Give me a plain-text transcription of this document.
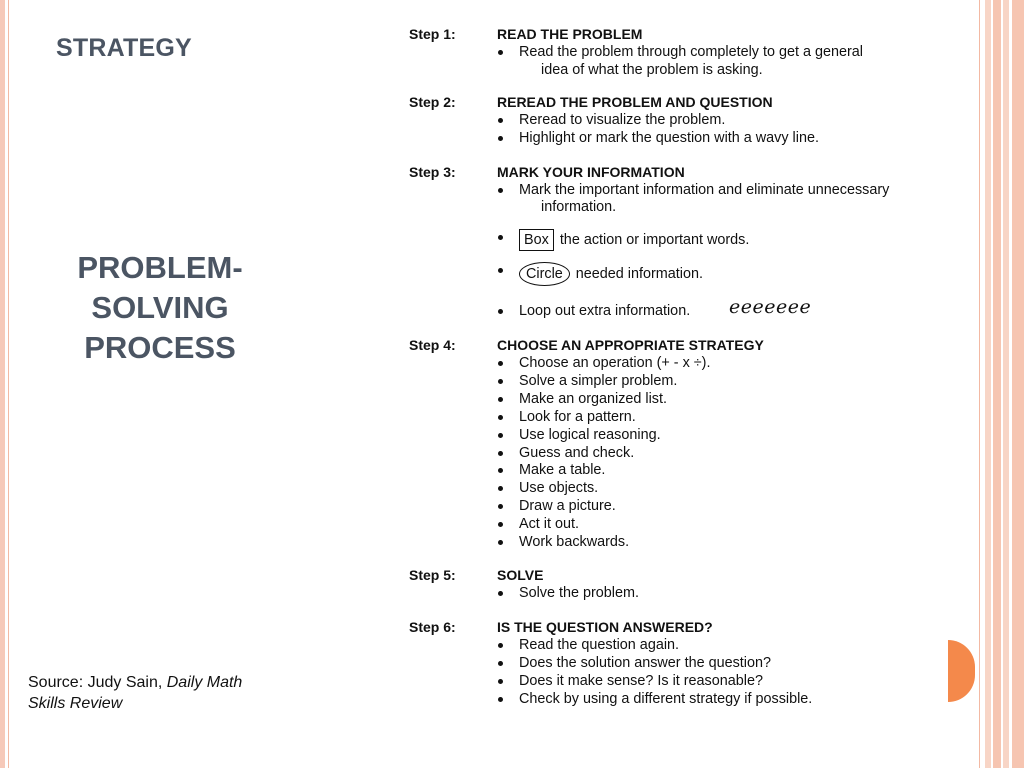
STRATEGY
PROBLEM-
SOLVING
PROCESS
Source: Judy Sain, Daily Math
Skills Review
Step 1:	READ THE PROBLEM
Read the problem through completely to get a general
idea of what the problem is asking.
Step 2:	REREAD THE PROBLEM AND QUESTION
Reread to visualize the problem.
Highlight or mark the question with a wavy line.
Step 3:	MARK YOUR INFORMATION
Mark the important information and eliminate unnecessary
information.
Box the action or important words.
Circle needed information.
Loop out extra information. eeeeeee
Step 4:	CHOOSE AN APPROPRIATE STRATEGY
Choose an operation (+ - x ÷).
Solve a simpler problem.
Make an organized list.
Look for a pattern.
Use logical reasoning.
Guess and check.
Make a table.
Use objects.
Draw a picture.
Act it out.
Work backwards.
Step 5:	SOLVE
Solve the problem.
Step 6:	IS THE QUESTION ANSWERED?
Read the question again.
Does the solution answer the question?
Does it make sense? Is it reasonable?
Check by using a different strategy if possible.
